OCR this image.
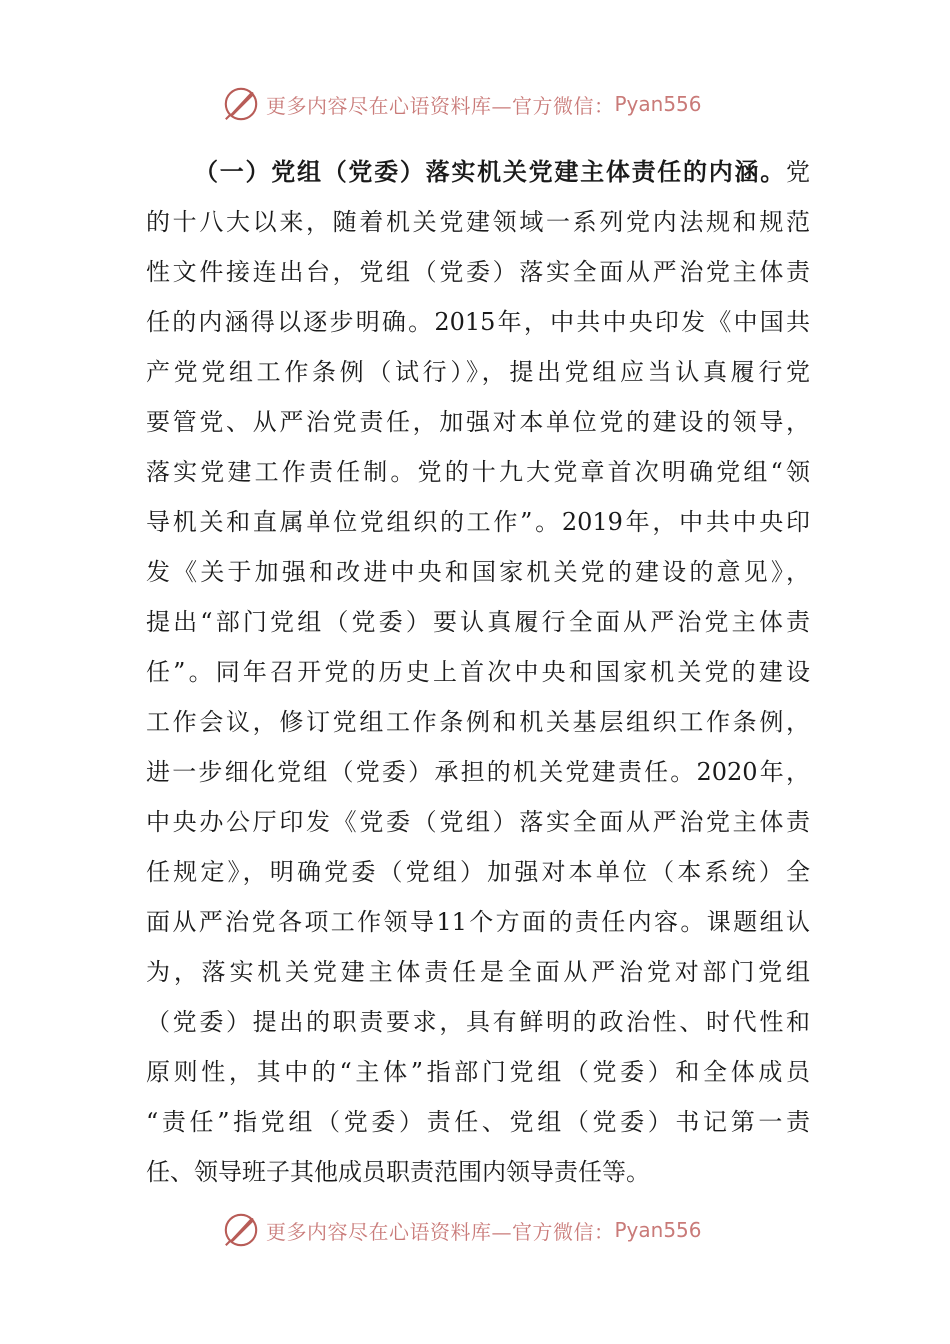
更多内容尽在心语资料库—官方微信： Pyan556
（一）党组（党委）落实机关党建主体责任的内涵。党
的十八大以来，随着机关党建领域一系列党内法规和规范
性文件接连出台，党组（党委）落实全面从严治党主体责
任的内涵得以逐步明确。2015年，中共中央印发《中国共
产党党组工作条例（试行）》，提出党组应当认真履行党
要管党、从严治党责任，加强对本单位党的建设的领导，
落实党建工作责任制。党的十九大党章首次明确党组“领
导机关和直属单位党组织的工作”。2019年，中共中央印
发《关于加强和改进中央和国家机关党的建设的意见》，
提出“部门党组（党委）要认真履行全面从严治党主体责
任”。同年召开党的历史上首次中央和国家机关党的建设
工作会议，修订党组工作条例和机关基层组织工作条例，
进一步细化党组（党委）承担的机关党建责任。2020年，
中央办公厅印发《党委（党组）落实全面从严治党主体责
任规定》，明确党委（党组）加强对本单位（本系统）全
面从严治党各项工作领导11个方面的责任内容。课题组认
为，落实机关党建主体责任是全面从严治党对部门党组
（党委）提出的职责要求，具有鲜明的政治性、时代性和
原则性，其中的“主体”指部门党组（党委）和全体成员
“责任”指党组（党委）责任、党组（党委）书记第一责
任、领导班子其他成员职责范围内领导责任等。
更多内容尽在心语资料库—官方微信： Pyan556
